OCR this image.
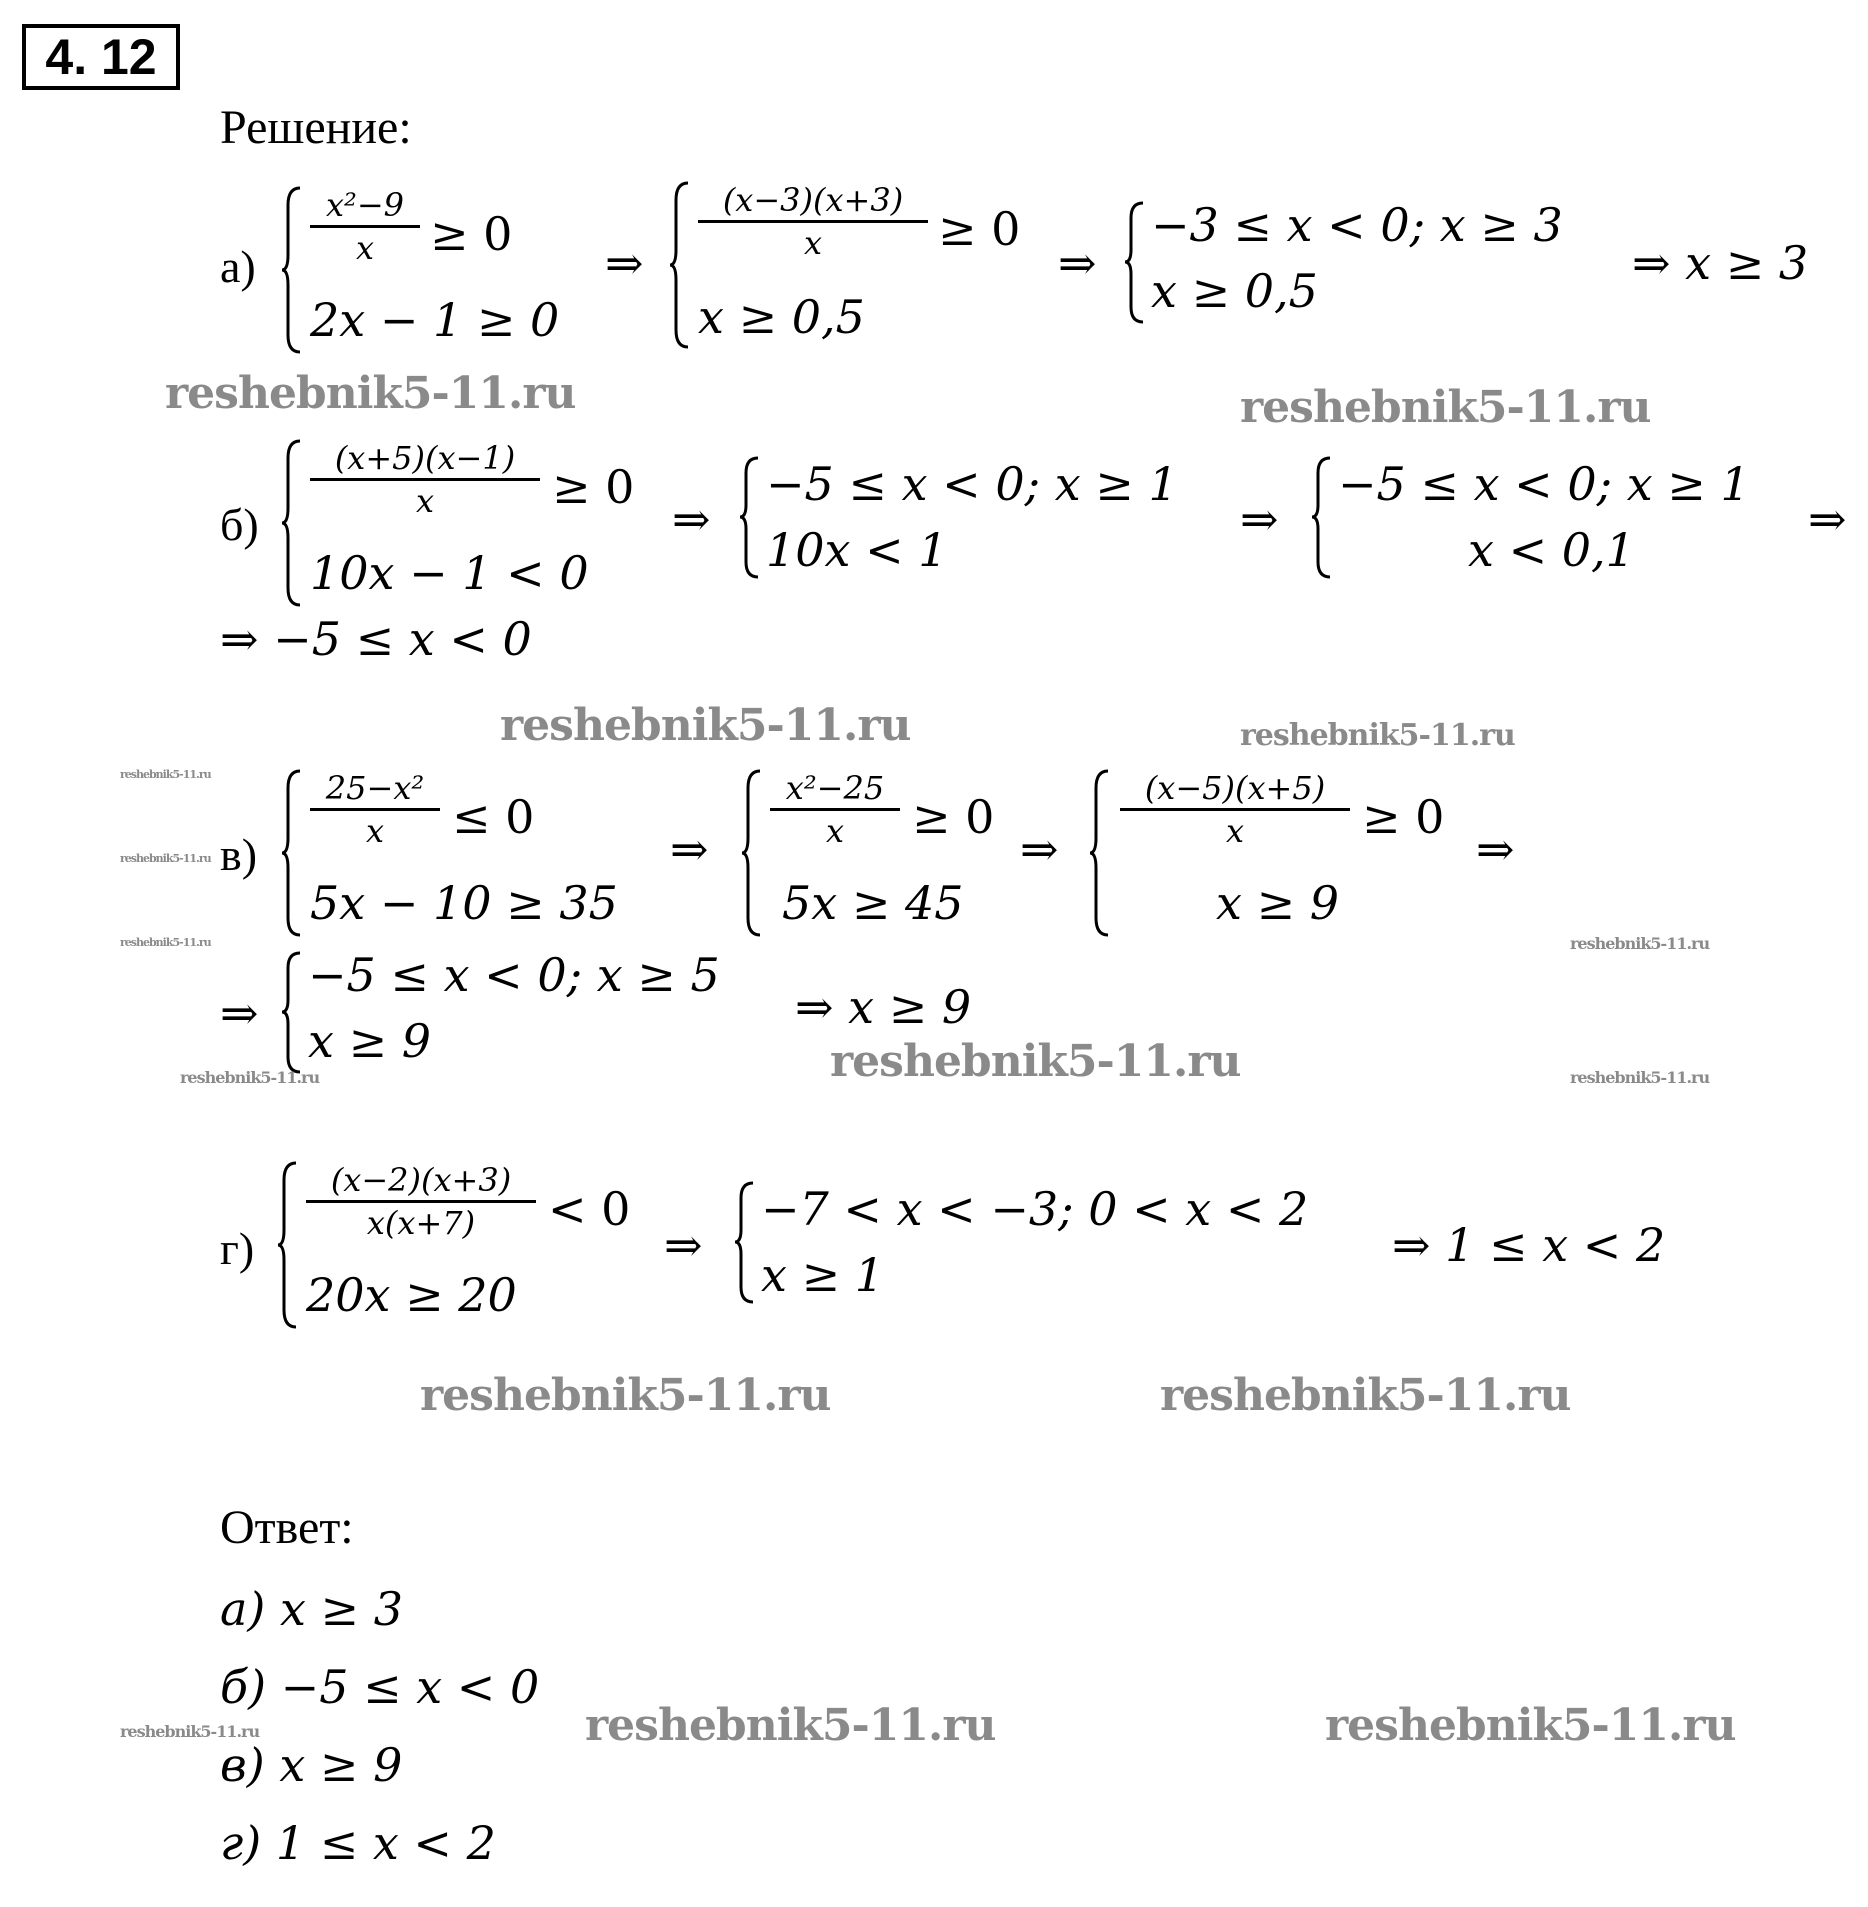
4. 12
Решение:
а)
x²−9
x	≥ 0
2x − 1 ≥ 0
⇒
(x−3)(x+3)
x	≥ 0
x ≥ 0,5
⇒
−3 ≤ x < 0; x ≥ 3
x ≥ 0,5
⇒ x ≥ 3
б)
(x+5)(x−1)
x	≥ 0
10x − 1 < 0
⇒
−5 ≤ x < 0; x ≥ 1
10x < 1
⇒
−5 ≤ x < 0; x ≥ 1
x < 0,1
⇒
⇒ −5 ≤ x < 0
в)
25−x²
x	≤ 0
5x − 10 ≥ 35
⇒
x²−25
x	≥ 0
5x ≥ 45
⇒
(x−5)(x+5)
x	≥ 0
x ≥ 9
⇒
⇒
−5 ≤ x < 0; x ≥ 5
x ≥ 9
⇒ x ≥ 9
г)
(x−2)(x+3)
x(x+7)	< 0
20x ≥ 20
⇒
−7 < x < −3; 0 < x < 2
x ≥ 1
⇒ 1 ≤ x < 2
Ответ:
а) x ≥ 3
б) −5 ≤ x < 0
в) x ≥ 9
г) 1 ≤ x < 2
reshebnik5-11.ru	reshebnik5-11.ru
reshebnik5-11.ru	reshebnik5-11.ru
reshebnik5-11.ru
reshebnik5-11.ru
reshebnik5-11.ru	reshebnik5-11.ru
reshebnik5-11.ru	reshebnik5-11.ru	reshebnik5-11.ru
reshebnik5-11.ru	reshebnik5-11.ru
reshebnik5-11.ru	reshebnik5-11.ru	reshebnik5-11.ru
